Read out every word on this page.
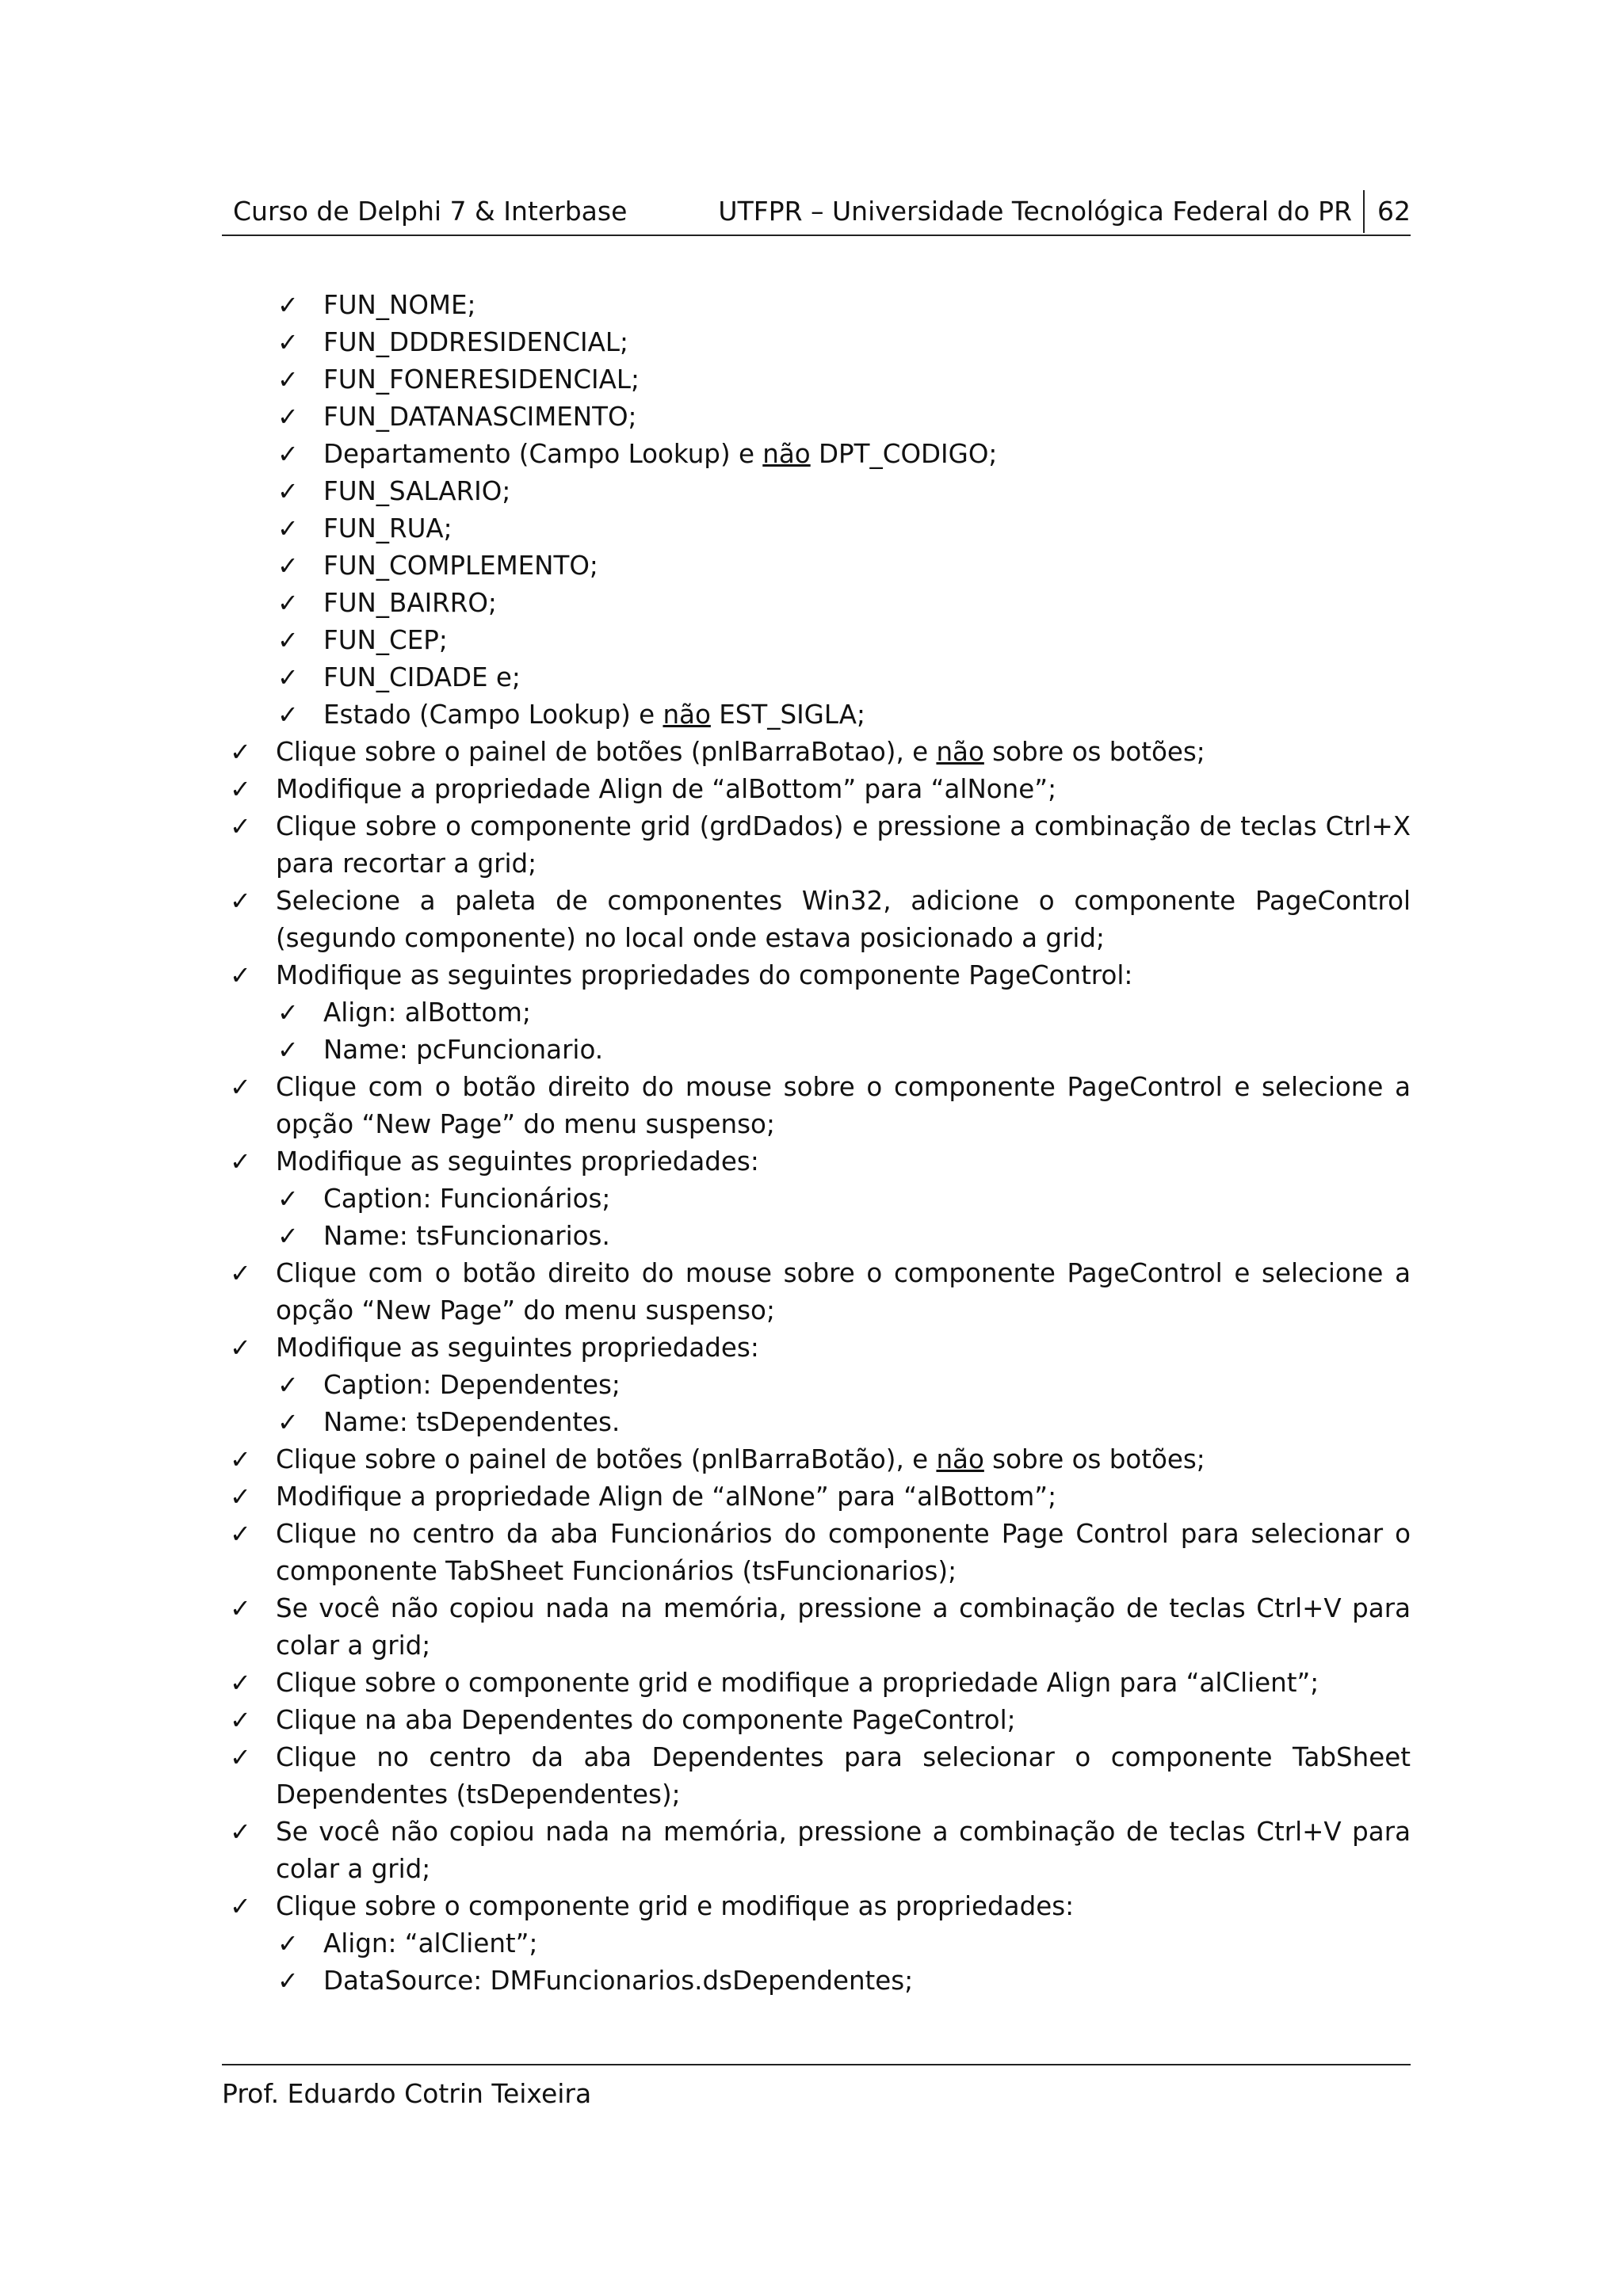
Curso de Delphi 7 & Interbase	UTFPR – Universidade Tecnológica Federal do PR 62
✓ FUN_NOME;
✓ FUN_DDDRESIDENCIAL;
✓ FUN_FONERESIDENCIAL;
✓ FUN_DATANASCIMENTO;
✓ Departamento (Campo Lookup) e não DPT_CODIGO;
✓ FUN_SALARIO;
✓ FUN_RUA;
✓ FUN_COMPLEMENTO;
✓ FUN_BAIRRO;
✓ FUN_CEP;
✓ FUN_CIDADE e;
✓ Estado (Campo Lookup) e não EST_SIGLA;
✓ Clique sobre o painel de botões (pnlBarraBotao), e não sobre os botões;
✓ Modifique a propriedade Align de “alBottom” para “alNone”;
✓ Clique sobre o componente grid (grdDados) e pressione a combinação de teclas Ctrl+X para recortar a grid;
✓ Selecione a paleta de componentes Win32, adicione o componente PageControl (segundo componente) no local onde estava posicionado a grid;
✓ Modifique as seguintes propriedades do componente PageControl:
✓ Align: alBottom;
✓ Name: pcFuncionario.
✓ Clique com o botão direito do mouse sobre o componente PageControl e selecione a opção “New Page” do menu suspenso;
✓ Modifique as seguintes propriedades:
✓ Caption: Funcionários;
✓ Name: tsFuncionarios.
✓ Clique com o botão direito do mouse sobre o componente PageControl e selecione a opção “New Page” do menu suspenso;
✓ Modifique as seguintes propriedades:
✓ Caption: Dependentes;
✓ Name: tsDependentes.
✓ Clique sobre o painel de botões (pnlBarraBotão), e não sobre os botões;
✓ Modifique a propriedade Align de “alNone” para “alBottom”;
✓ Clique no centro da aba Funcionários do componente Page Control para selecionar o componente TabSheet Funcionários (tsFuncionarios);
✓ Se você não copiou nada na memória, pressione a combinação de teclas Ctrl+V para colar a grid;
✓ Clique sobre o componente grid e modifique a propriedade Align para “alClient”;
✓ Clique na aba Dependentes do componente PageControl;
✓ Clique no centro da aba Dependentes para selecionar o componente TabSheet Dependentes (tsDependentes);
✓ Se você não copiou nada na memória, pressione a combinação de teclas Ctrl+V para colar a grid;
✓ Clique sobre o componente grid e modifique as propriedades:
✓ Align: “alClient”;
✓ DataSource: DMFuncionarios.dsDependentes;
Prof. Eduardo Cotrin Teixeira
